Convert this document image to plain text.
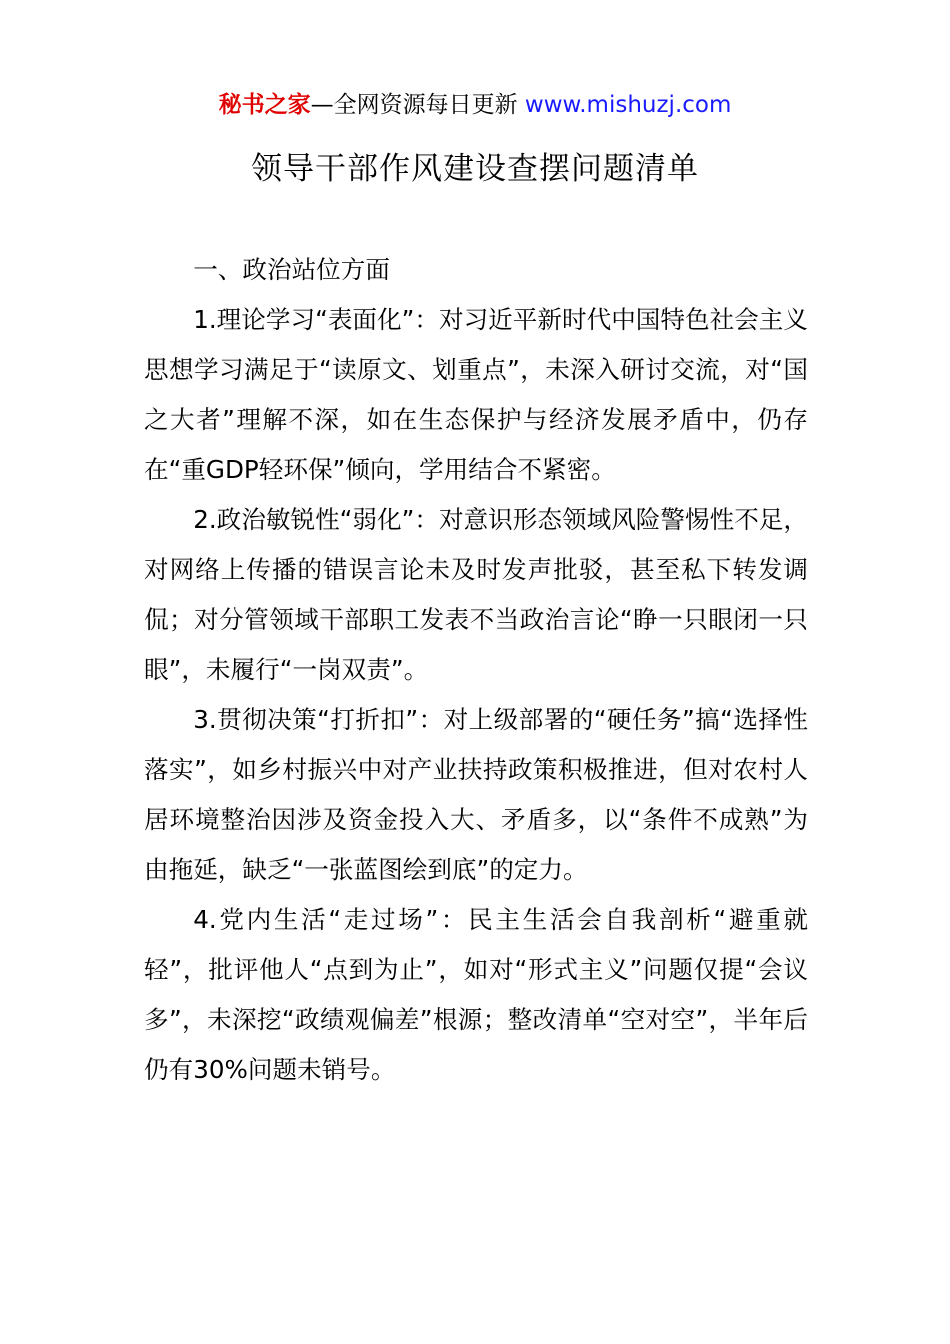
秘书之家—全网资源每日更新 www.mishuzj.com
领导干部作风建设查摆问题清单

一、政治站位方面

1.理论学习“表面化”：对习近平新时代中国特色社会主义思想学习满足于“读原文、划重点”，未深入研讨交流，对“国之大者”理解不深，如在生态保护与经济发展矛盾中，仍存在“重GDP轻环保”倾向，学用结合不紧密。

2.政治敏锐性“弱化”：对意识形态领域风险警惕性不足，对网络上传播的错误言论未及时发声批驳，甚至私下转发调侃；对分管领域干部职工发表不当政治言论“睁一只眼闭一只眼”，未履行“一岗双责”。

3.贯彻决策“打折扣”：对上级部署的“硬任务”搞“选择性落实”，如乡村振兴中对产业扶持政策积极推进，但对农村人居环境整治因涉及资金投入大、矛盾多，以“条件不成熟”为由拖延，缺乏“一张蓝图绘到底”的定力。

4.党内生活“走过场”：民主生活会自我剖析“避重就轻”，批评他人“点到为止”，如对“形式主义”问题仅提“会议多”，未深挖“政绩观偏差”根源；整改清单“空对空”，半年后仍有30%问题未销号。
